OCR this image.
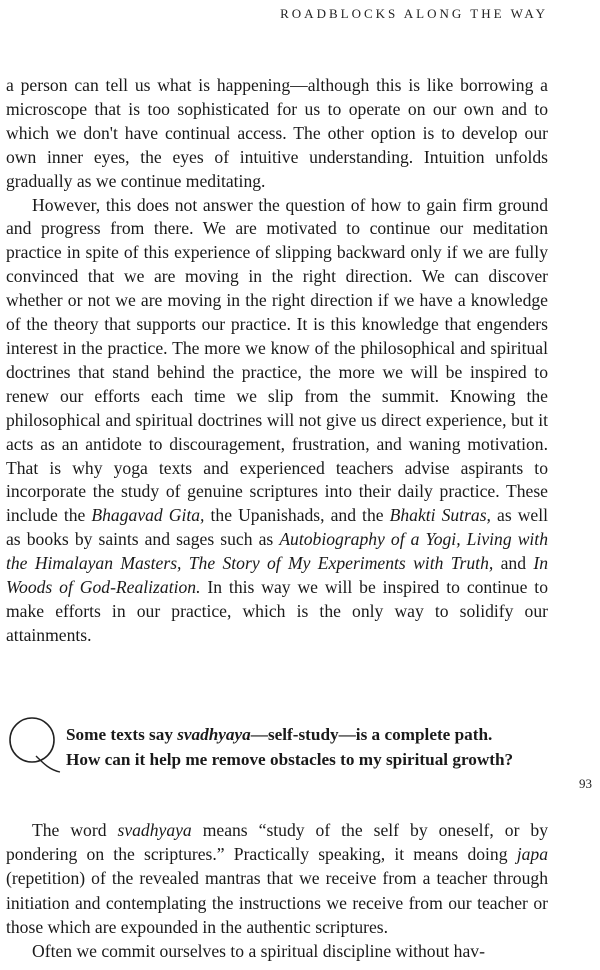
ROADBLOCKS ALONG THE WAY

a person can tell us what is happening—although this is like borrowing a microscope that is too sophisticated for us to operate on our own and to which we don't have continual access. The other option is to develop our own inner eyes, the eyes of intuitive understanding. Intuition unfolds gradually as we continue meditating.

However, this does not answer the question of how to gain firm ground and progress from there. We are motivated to continue our meditation practice in spite of this experience of slipping backward only if we are fully convinced that we are moving in the right direction. We can discover whether or not we are moving in the right direction if we have a knowledge of the theory that supports our practice. It is this knowledge that engenders interest in the practice. The more we know of the philosophical and spiritual doctrines that stand behind the practice, the more we will be inspired to renew our efforts each time we slip from the summit. Knowing the philosophical and spiritual doctrines will not give us direct experience, but it acts as an antidote to discouragement, frustration, and waning motivation. That is why yoga texts and experienced teachers advise aspirants to incorporate the study of genuine scriptures into their daily practice. These include the Bhagavad Gita, the Upanishads, and the Bhakti Sutras, as well as books by saints and sages such as Autobiography of a Yogi, Living with the Himalayan Masters, The Story of My Experiments with Truth, and In Woods of God-Realization. In this way we will be inspired to continue to make efforts in our practice, which is the only way to solidify our attainments.

Some texts say svadhyaya—self-study—is a complete path.
How can it help me remove obstacles to my spiritual growth?
93

The word svadhyaya means “study of the self by oneself, or by pondering on the scriptures.” Practically speaking, it means doing japa (repetition) of the revealed mantras that we receive from a teacher through initiation and contemplating the instructions we receive from our teacher or those which are expounded in the authentic scriptures.

Often we commit ourselves to a spiritual discipline without hav-
